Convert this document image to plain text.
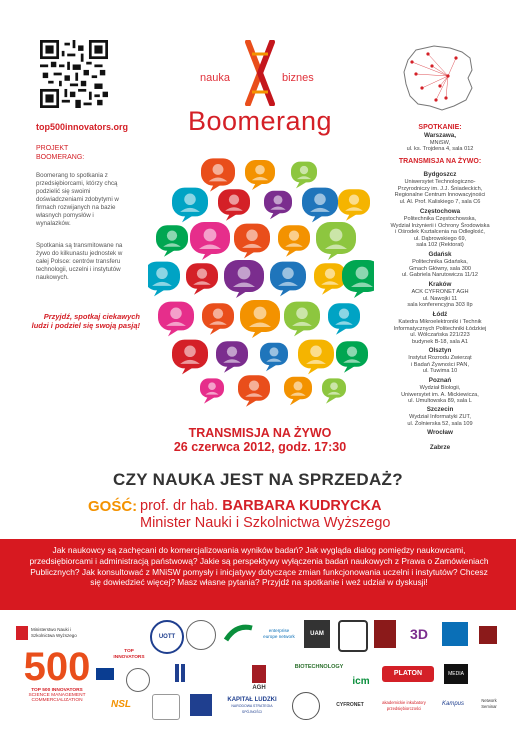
top500innovators.org
PROJEKT
BOOMERANG:
Boomerang to spotkania z przedsiębiorcami, którzy chcą podzielić się swoimi doświadczeniami zdobytymi w firmach rozwijanych na bazie własnych pomysłów i wynalazków.
Spotkania są transmitowane na żywo do kilkunastu jednostek w całej Polsce: centrów transferu technologii, uczelni i instytutów naukowych.
Przyjdź, spotkaj ciekawych ludzi i podziel się swoją pasją!
nauka	biznes
Boomerang	SPOTKANIE:
Warszawa,
MNiSW,
ul. ks. Trojdena 4, sala 012
TRANSMISJA NA ŻYWO:
Bydgoszcz
Uniwersytet Technologiczno-
Przyrodniczy im. J.J. Śniadeckich,
Regionalne Centrum Innowacyjności
ul. Al. Prof. Kaliskiego 7, sala C6
Częstochowa
Politechnika Częstochowska,
Wydział Inżynierii i Ochrony Środowiska
i Ośrodek Kształcenia na Odległość,
ul. Dąbrowskiego 69,
sala 102 (Rektorat)
Gdańsk
Politechnika Gdańska,
Gmach Główny, sala 300
ul. Gabriela Narutowicza 11/12
Kraków
ACK CYFRONET AGH
ul. Nawojki 11
sala konferencyjna 303 IIp
Łódź
Katedra Mikroelektroniki i Technik
Informatycznych Politechniki Łódzkiej
ul. Wólczańska 221/223
budynek B-18, sala A1
Olsztyn
Instytut Rozrodu Zwierząt
i Badań Żywności PAN,
ul. Tuwima 10
Poznań
Wydział Biologii,
Uniwersytet im. A. Mickiewicza,
ul. Umultowska 89, sala L
Szczecin
Wydział Informatyki ZUT,
ul. Żołnierska 52, sala 109
Wrocław
Zabrze
TRANSMISJA NA ŻYWO
26 czerwca 2012, godz. 17:30
CZY NAUKA JEST NA SPRZEDAŻ?
GOŚĆ: prof. dr hab. BARBARA KUDRYCKA
Minister Nauki i Szkolnictwa Wyższego
Jak naukowcy są zachęcani do komercjalizowania wyników badań? Jak wygląda dialog pomiędzy naukowcami, przedsiębiorcami i administracją państwową? Jakie są perspektywy wyłączenia badań naukowych z Prawa o Zamówieniach Publicznych? Jak konsultować z MNiSW pomysły i inicjatywy dotyczące zmian funkcjonowania uczelni i instytutów? Chcesz się dowiedzieć więcej? Masz własne pytania? Przyjdź na spotkanie i weź udział w dyskusji!
Ministerstwo Nauki i Szkolnictwa Wyższego
500
TOP 500 INNOVATORS
SCIENCE MANAGEMENT
COMMERCIALIZATION
UOTT
enterprise europe network	UAM	3D
TOP INNOVATORS
AGH
BIOTECHNOLOGY
PLATON	MEDIA
NSL	KAPITAŁ LUDZKI
NARODOWA STRATEGIA SPÓJNOŚCI
CYFRONET
icm
akademickie inkubatory przedsiębiorczości
Kampus
Network Seminar
